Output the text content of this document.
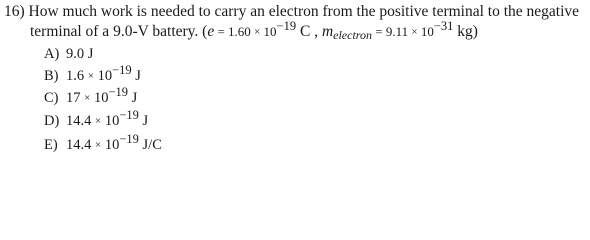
16) How much work is needed to carry an electron from the positive terminal to the negative
terminal of a 9.0-V battery. ($e = 1.60 \times 10^{-19}$ C , melectron = $9.11 \times 10^{-31}$ kg)
A) 9.0 J
B) 1.6 × 10−19 J
C) 17 × 10−19 J
D) 14.4 × 10−19 J
E) 14.4 × 10−19 J/C
